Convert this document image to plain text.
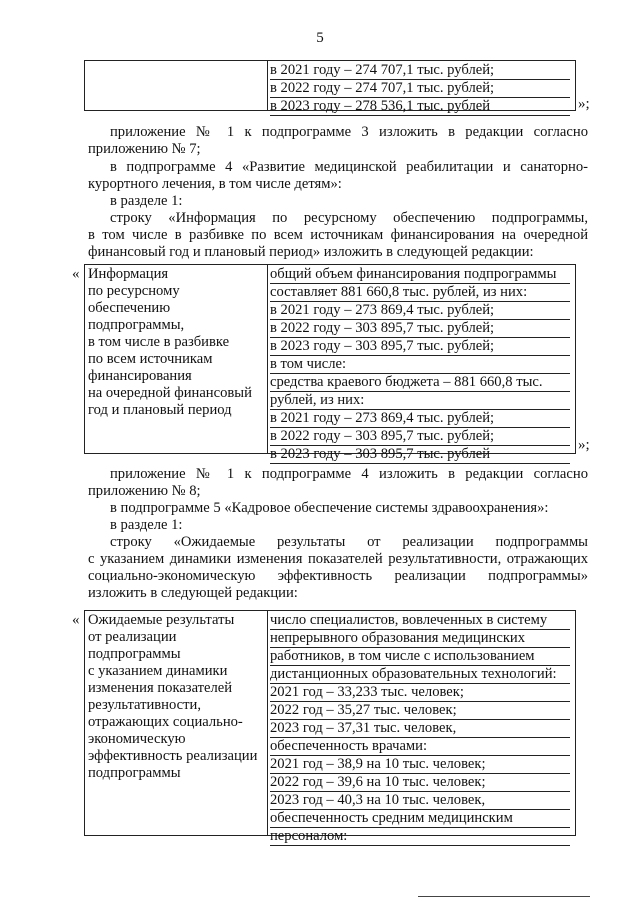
5
в 2021 году – 274 707,1 тыс. рублей;
в 2022 году – 274 707,1 тыс. рублей;
в 2023 году – 278 536,1 тыс. рублей	»;
приложение № 1 к подпрограмме 3 изложить в редакции согласно
приложению № 7;
в подпрограмме 4 «Развитие медицинской реабилитации и санаторно-
курортного лечения, в том числе детям»:
в разделе 1:
строку «Информация по ресурсному обеспечению подпрограммы,
в том числе в разбивке по всем источникам финансирования на очередной
финансовый год и плановый период» изложить в следующей редакции:
« Информация
по ресурсному
обеспечению
подпрограммы,
в том числе в разбивке
по всем источникам
финансирования
на очередной финансовый
год и плановый период
общий объем финансирования подпрограммы
составляет 881 660,8 тыс. рублей, из них:
в 2021 году – 273 869,4 тыс. рублей;
в 2022 году – 303 895,7 тыс. рублей;
в 2023 году – 303 895,7 тыс. рублей;
в том числе:
средства краевого бюджета – 881 660,8 тыс.
рублей, из них:
в 2021 году – 273 869,4 тыс. рублей;
в 2022 году – 303 895,7 тыс. рублей;
в 2023 году – 303 895,7 тыс. рублей
»;
приложение № 1 к подпрограмме 4 изложить в редакции согласно
приложению № 8;
в подпрограмме 5 «Кадровое обеспечение системы здравоохранения»:
в разделе 1:
строку «Ожидаемые результаты от реализации подпрограммы
с указанием динамики изменения показателей результативности, отражающих
социально-экономическую эффективность реализации подпрограммы»
изложить в следующей редакции:
« Ожидаемые результаты
от реализации
подпрограммы
с указанием динамики
изменения показателей
результативности,
отражающих социально-
экономическую
эффективность реализации
подпрограммы
число специалистов, вовлеченных в систему
непрерывного образования медицинских
работников, в том числе с использованием
дистанционных образовательных технологий:
2021 год – 33,233 тыс. человек;
2022 год – 35,27 тыс. человек;
2023 год – 37,31 тыс. человек,
обеспеченность врачами:
2021 год – 38,9 на 10 тыс. человек;
2022 год – 39,6 на 10 тыс. человек;
2023 год – 40,3 на 10 тыс. человек,
обеспеченность средним медицинским
персоналом:
